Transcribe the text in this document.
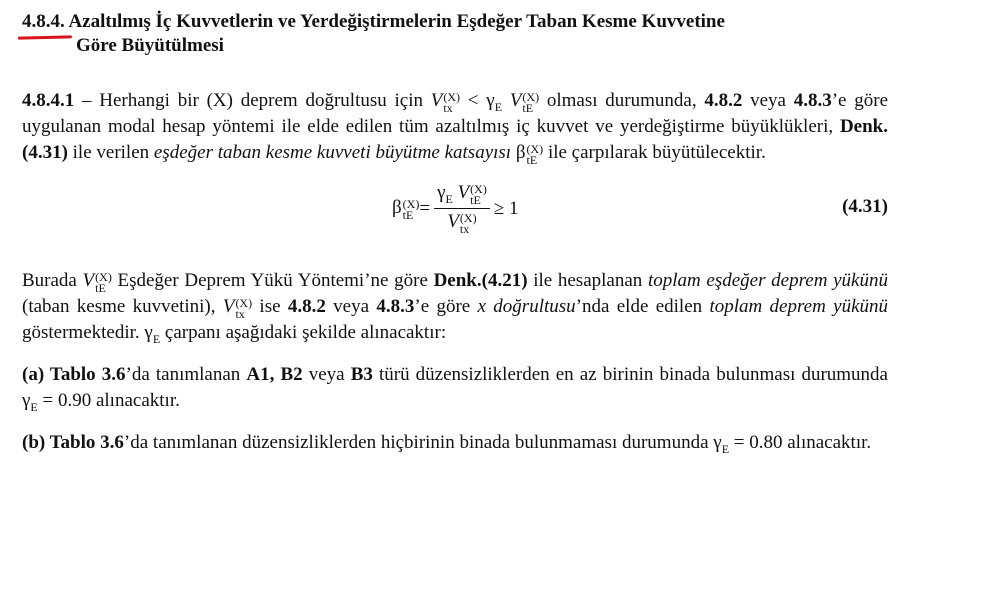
4.8.4. Azaltılmış İç Kuvvetlerin ve Yerdeğiştirmelerin Eşdeğer Taban Kesme Kuvvetine
Göre Büyütülmesi

4.8.4.1 – Herhangi bir (X) deprem doğrultusu için V (X)
tx < $\gamma_E$ V (X)
tE olması durumunda, 4.8.2 veya 4.8.3’e göre uygulanan modal hesap yöntemi ile elde edilen tüm azaltılmış iç kuvvet ve yerdeğiştirme büyüklükleri, Denk.(4.31) ile verilen eşdeğer taban kesme kuvveti büyütme katsayısı β (X)
tE ile çarpılarak büyütülecektir.

β (X)
tE = $\gamma_E$ V (X)
tE
V (X)
tx ≥ 1	(4.31)

Burada V (X)
tE Eşdeğer Deprem Yükü Yöntemi’ne göre Denk.(4.21) ile hesaplanan toplam eşdeğer deprem yükünü (taban kesme kuvvetini), V (X)
tx ise 4.8.2 veya 4.8.3’e göre x doğrultusu’nda elde edilen toplam deprem yükünü göstermektedir. $\gamma_E$ çarpanı aşağıdaki şekilde alınacaktır:

(a) Tablo 3.6’da tanımlanan A1, B2 veya B3 türü düzensizliklerden en az birinin binada bulunması durumunda $\gamma_E = 0.90$ alınacaktır.

(b) Tablo 3.6’da tanımlanan düzensizliklerden hiçbirinin binada bulunmaması durumunda $\gamma_E = 0.80$ alınacaktır.
